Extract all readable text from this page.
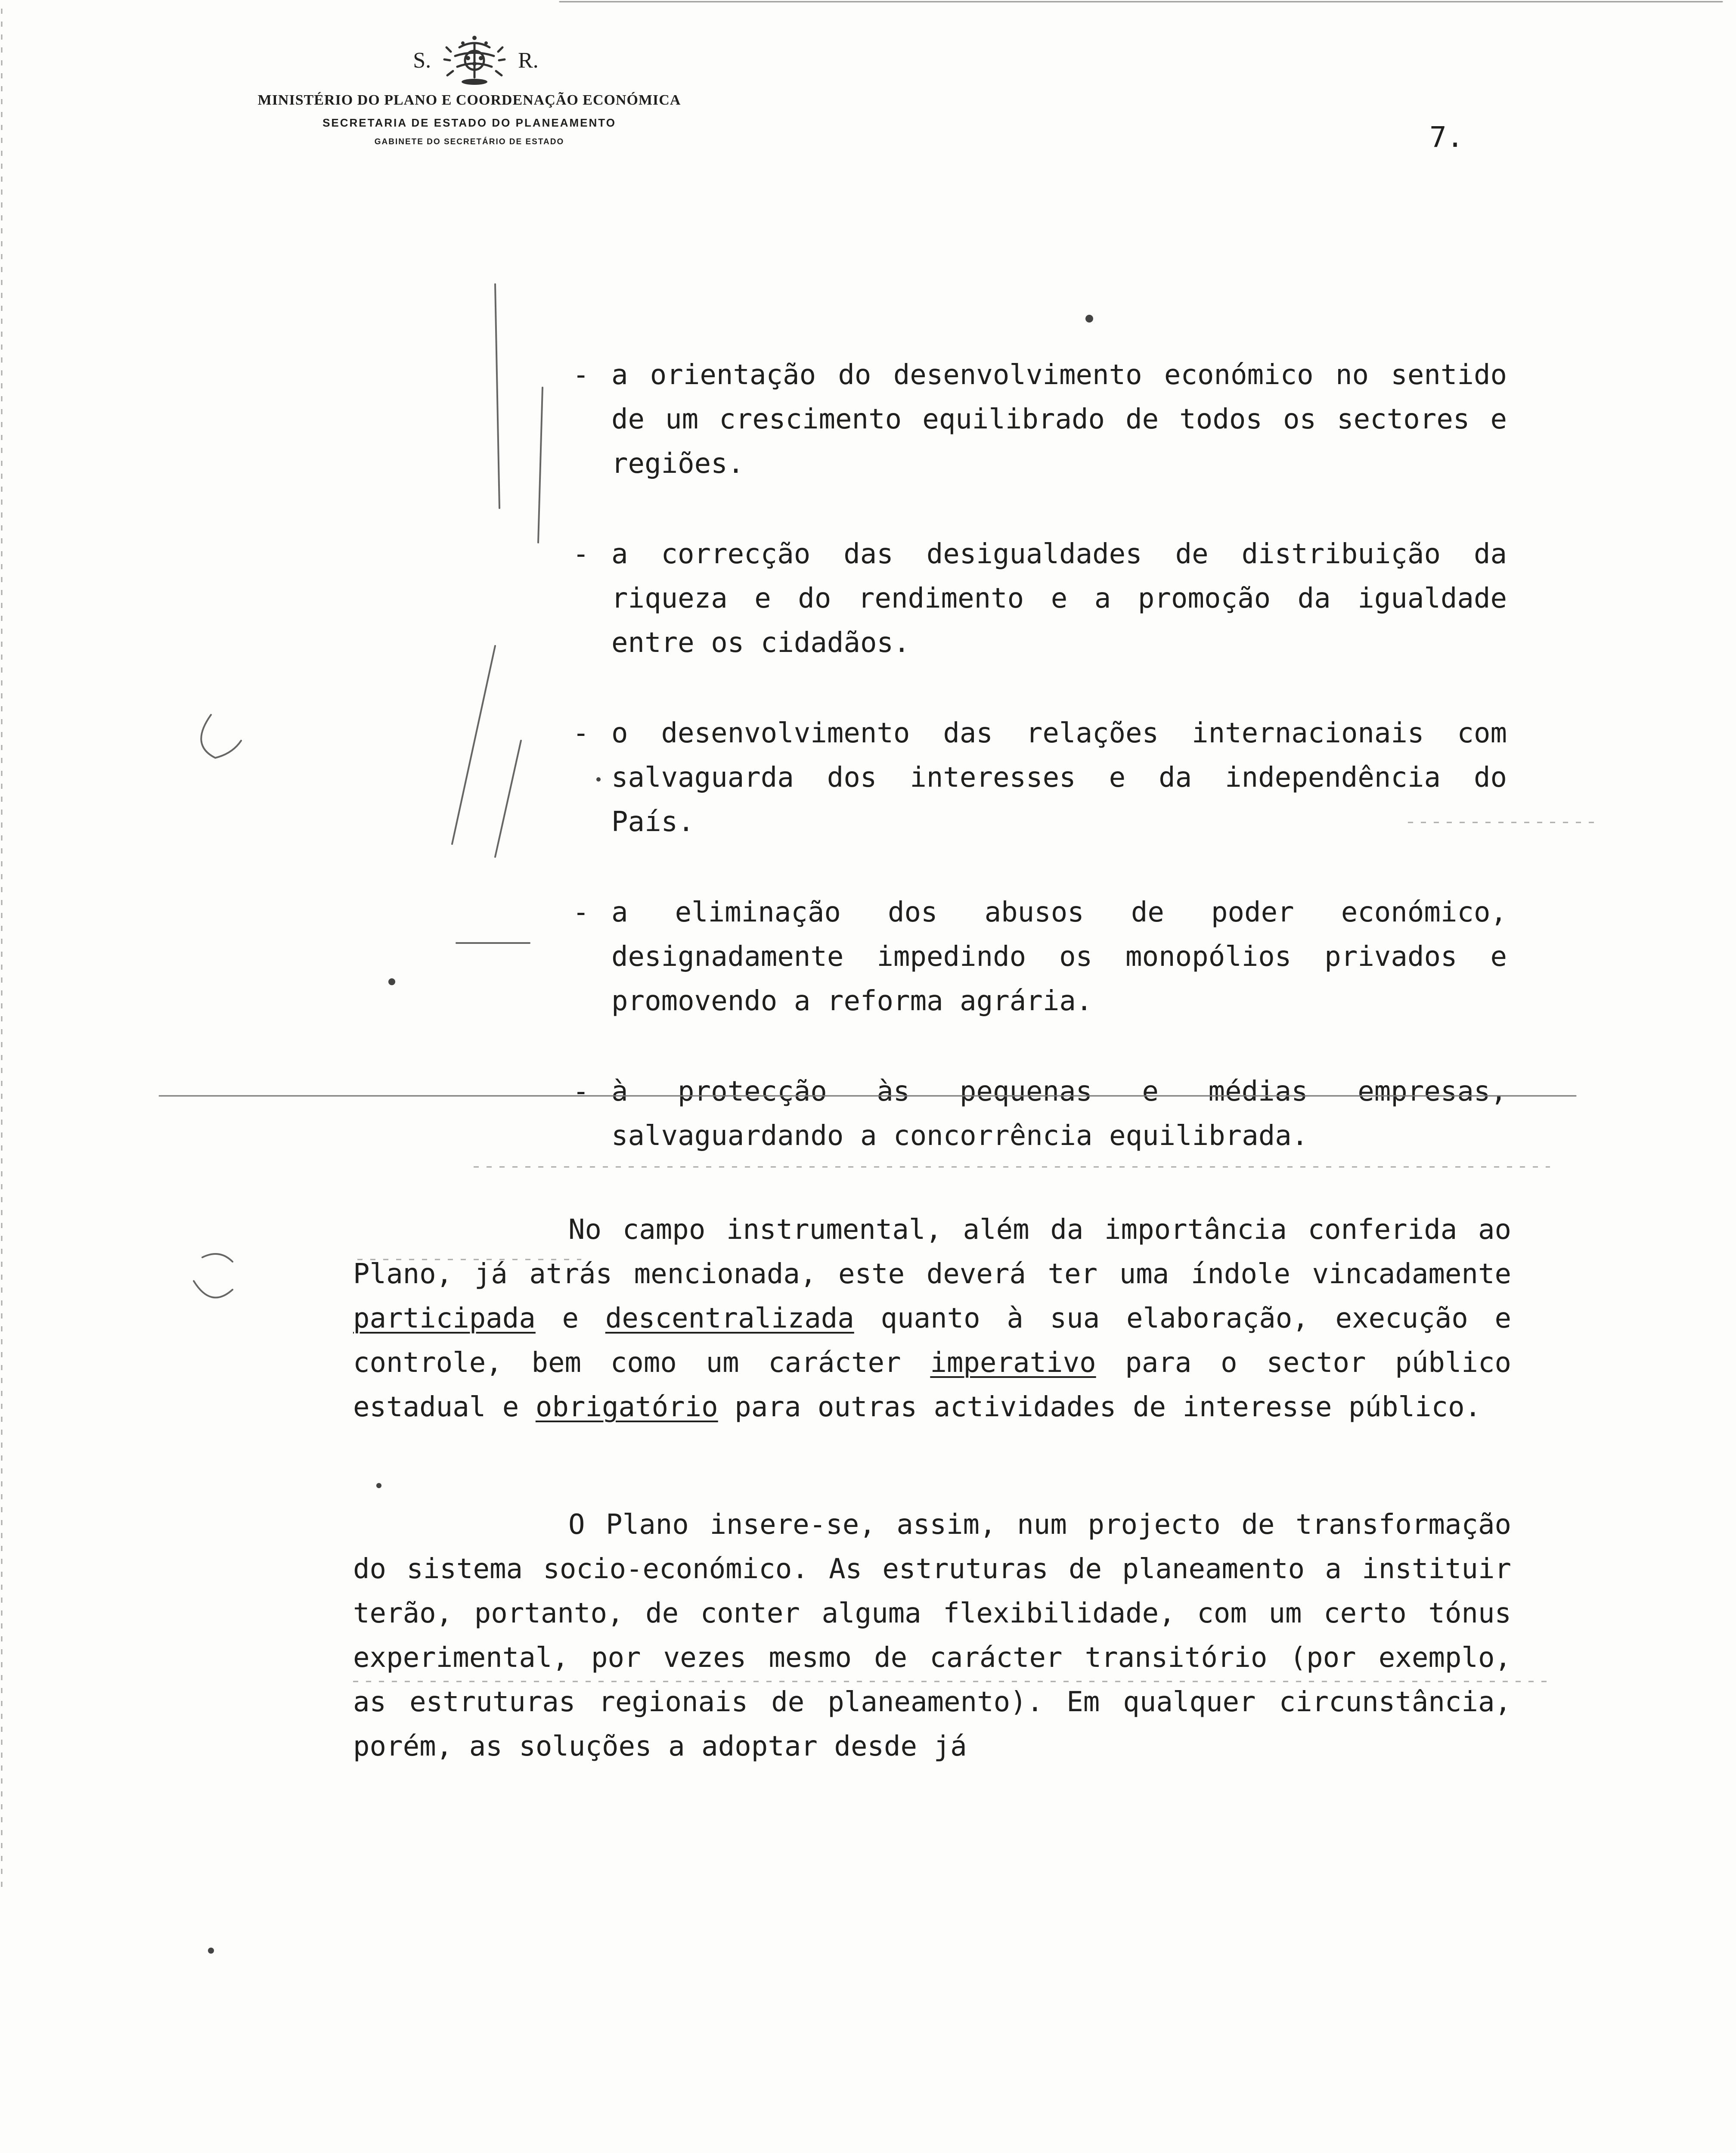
S.	R.
MINISTÉRIO DO PLANO E COORDENAÇÃO ECONÓMICA
SECRETARIA DE ESTADO DO PLANEAMENTO
GABINETE DO SECRETÁRIO DE ESTADO	7.
- a orientação do desenvolvimento económico no sentido de um crescimento equilibrado de todos os sectores e regiões.
- a correcção das desigualdades de distribuição da riqueza e do rendimento e a promoção da igualdade entre os cidadãos.
- o desenvolvimento das relações internacionais com salvaguarda dos interesses e da independência do País.
- a eliminação dos abusos de poder económico, designadamente impedindo os monopólios privados e promovendo a reforma agrária.
- à protecção às pequenas e médias empresas, salvaguardando a concorrência equilibrada.
No campo instrumental, além da importância conferida ao Plano, já atrás mencionada, este deverá ter uma índole vincadamente participada e descentralizada quanto à sua elaboração, execução e controle, bem como um carácter imperativo para o sector público estadual e obrigatório para outras actividades de interesse público.
O Plano insere-se, assim, num projecto de transformação do sistema socio-económico. As estruturas de planeamento a instituir terão, portanto, de conter alguma flexibilidade, com um certo tónus experimental, por vezes mesmo de carácter transitório (por exemplo, as estruturas regionais de planeamento). Em qualquer circunstância, porém, as soluções a adoptar desde já
